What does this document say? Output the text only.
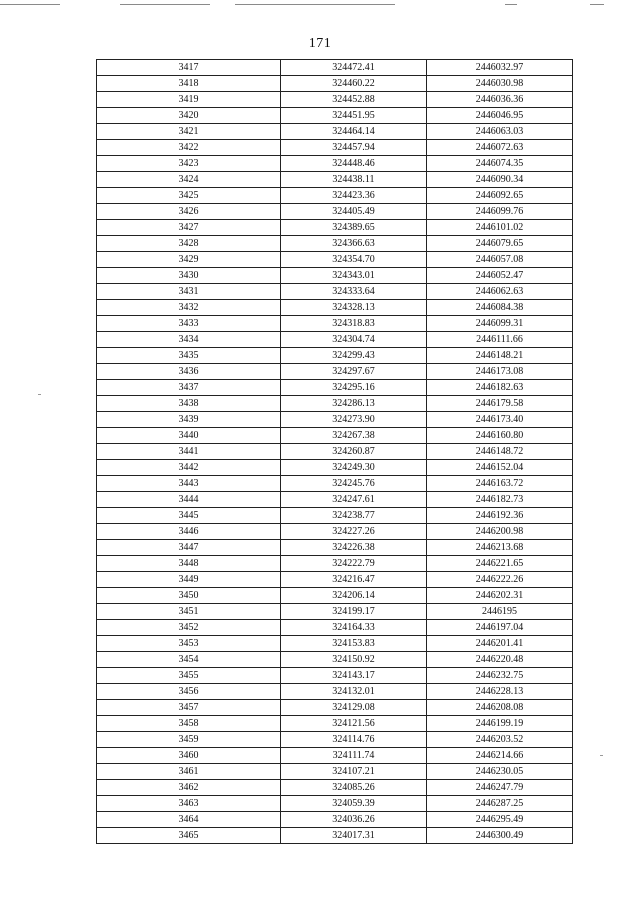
171
3417	324472.41	2446032.97
3418	324460.22	2446030.98
3419	324452.88	2446036.36
3420	324451.95	2446046.95
3421	324464.14	2446063.03
3422	324457.94	2446072.63
3423	324448.46	2446074.35
3424	324438.11	2446090.34
3425	324423.36	2446092.65
3426	324405.49	2446099.76
3427	324389.65	2446101.02
3428	324366.63	2446079.65
3429	324354.70	2446057.08
3430	324343.01	2446052.47
3431	324333.64	2446062.63
3432	324328.13	2446084.38
3433	324318.83	2446099.31
3434	324304.74	2446111.66
3435	324299.43	2446148.21
3436	324297.67	2446173.08
3437	324295.16	2446182.63
3438	324286.13	2446179.58
3439	324273.90	2446173.40
3440	324267.38	2446160.80
3441	324260.87	2446148.72
3442	324249.30	2446152.04
3443	324245.76	2446163.72
3444	324247.61	2446182.73
3445	324238.77	2446192.36
3446	324227.26	2446200.98
3447	324226.38	2446213.68
3448	324222.79	2446221.65
3449	324216.47	2446222.26
3450	324206.14	2446202.31
3451	324199.17	2446195
3452	324164.33	2446197.04
3453	324153.83	2446201.41
3454	324150.92	2446220.48
3455	324143.17	2446232.75
3456	324132.01	2446228.13
3457	324129.08	2446208.08
3458	324121.56	2446199.19
3459	324114.76	2446203.52
3460	324111.74	2446214.66
3461	324107.21	2446230.05
3462	324085.26	2446247.79
3463	324059.39	2446287.25
3464	324036.26	2446295.49
3465	324017.31	2446300.49
